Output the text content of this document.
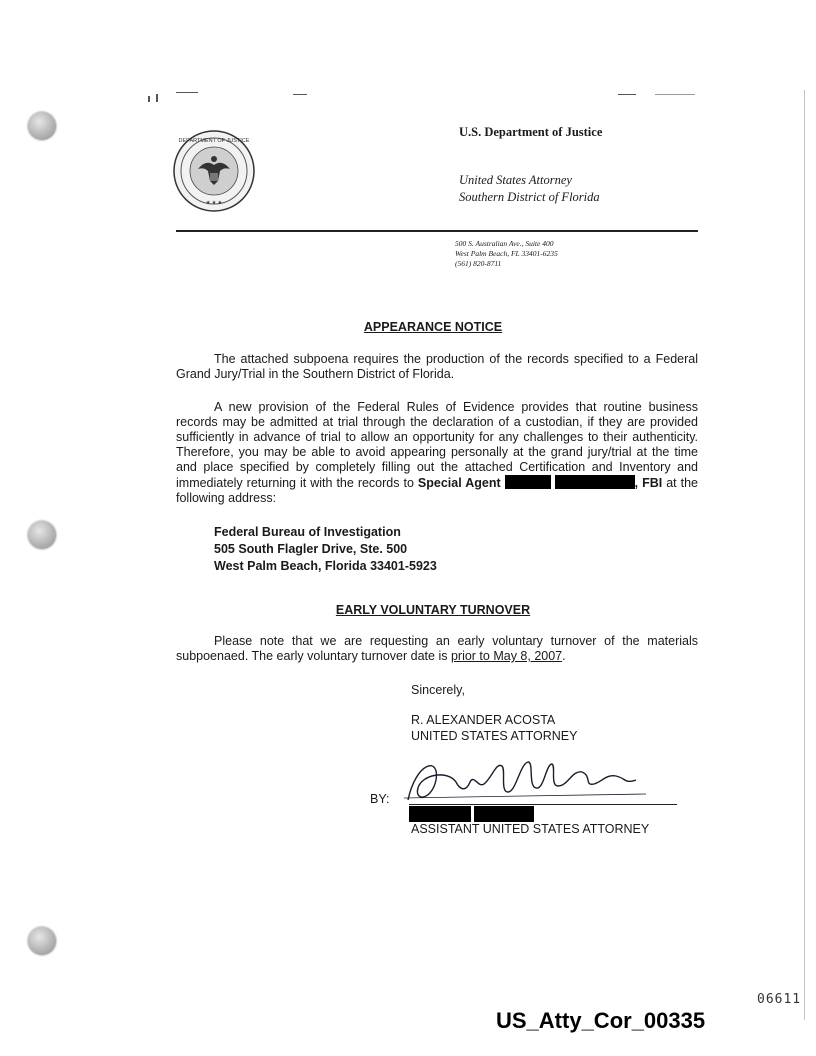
★ ★ ★
DEPARTMENT OF JUSTICE
U.S. Department of Justice
United States Attorney
Southern District of Florida
500 S. Australian Ave., Suite 400
West Palm Beach, FL 33401-6235
(561) 820-8711
APPEARANCE NOTICE
The attached subpoena requires the production of the records specified to a Federal Grand Jury/Trial in the Southern District of Florida.
A new provision of the Federal Rules of Evidence provides that routine business records may be admitted at trial through the declaration of a custodian, if they are provided sufficiently in advance of trial to allow an opportunity for any challenges to their authenticity. Therefore, you may be able to avoid appearing personally at the grand jury/trial at the time and place specified by completely filling out the attached Certification and Inventory and immediately returning it with the records to Special Agent	, FBI at the following address:
Federal Bureau of Investigation
505 South Flagler Drive, Ste. 500
West Palm Beach, Florida 33401-5923
EARLY VOLUNTARY TURNOVER
Please note that we are requesting an early voluntary turnover of the materials subpoenaed. The early voluntary turnover date is prior to May 8, 2007.
Sincerely,
R. ALEXANDER ACOSTA
UNITED STATES ATTORNEY
BY:
ASSISTANT UNITED STATES ATTORNEY
06611
US_Atty_Cor_00335
